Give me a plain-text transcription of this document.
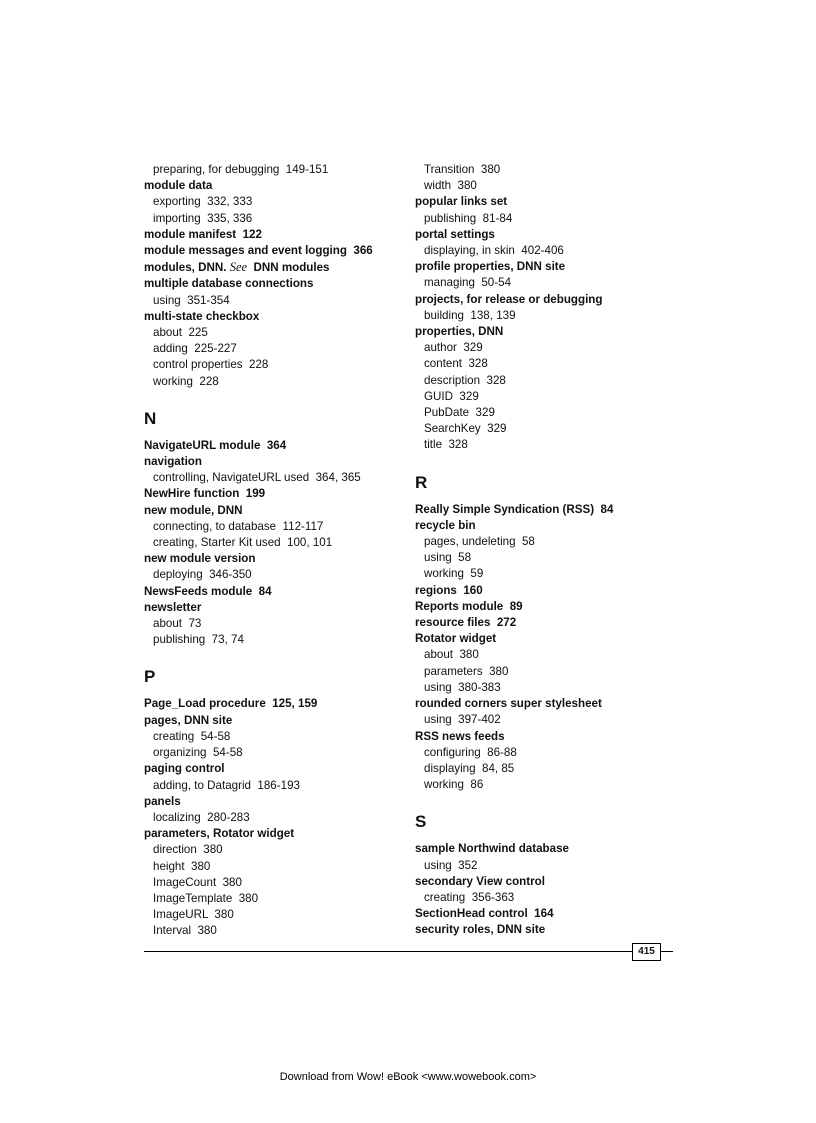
preparing, for debugging  149-151
module data
exporting  332, 333
importing  335, 336
module manifest  122
module messages and event logging  366
modules, DNN. See  DNN modules
multiple database connections
using  351-354
multi-state checkbox
about  225
adding  225-227
control properties  228
working  228
N
NavigateURL module  364
navigation
controlling, NavigateURL used  364, 365
NewHire function  199
new module, DNN
connecting, to database  112-117
creating, Starter Kit used  100, 101
new module version
deploying  346-350
NewsFeeds module  84
newsletter
about  73
publishing  73, 74
P
Page_Load procedure  125, 159
pages, DNN site
creating  54-58
organizing  54-58
paging control
adding, to Datagrid  186-193
panels
localizing  280-283
parameters, Rotator widget
direction  380
height  380
ImageCount  380
ImageTemplate  380
ImageURL  380
Interval  380
Transition  380
width  380
popular links set
publishing  81-84
portal settings
displaying, in skin  402-406
profile properties, DNN site
managing  50-54
projects, for release or debugging
building  138, 139
properties, DNN
author  329
content  328
description  328
GUID  329
PubDate  329
SearchKey  329
title  328
R
Really Simple Syndication (RSS)  84
recycle bin
pages, undeleting  58
using  58
working  59
regions  160
Reports module  89
resource files  272
Rotator widget
about  380
parameters  380
using  380-383
rounded corners super stylesheet
using  397-402
RSS news feeds
configuring  86-88
displaying  84, 85
working  86
S
sample Northwind database
using  352
secondary View control
creating  356-363
SectionHead control  164
security roles, DNN site
415
Download from Wow! eBook <www.wowebook.com>
